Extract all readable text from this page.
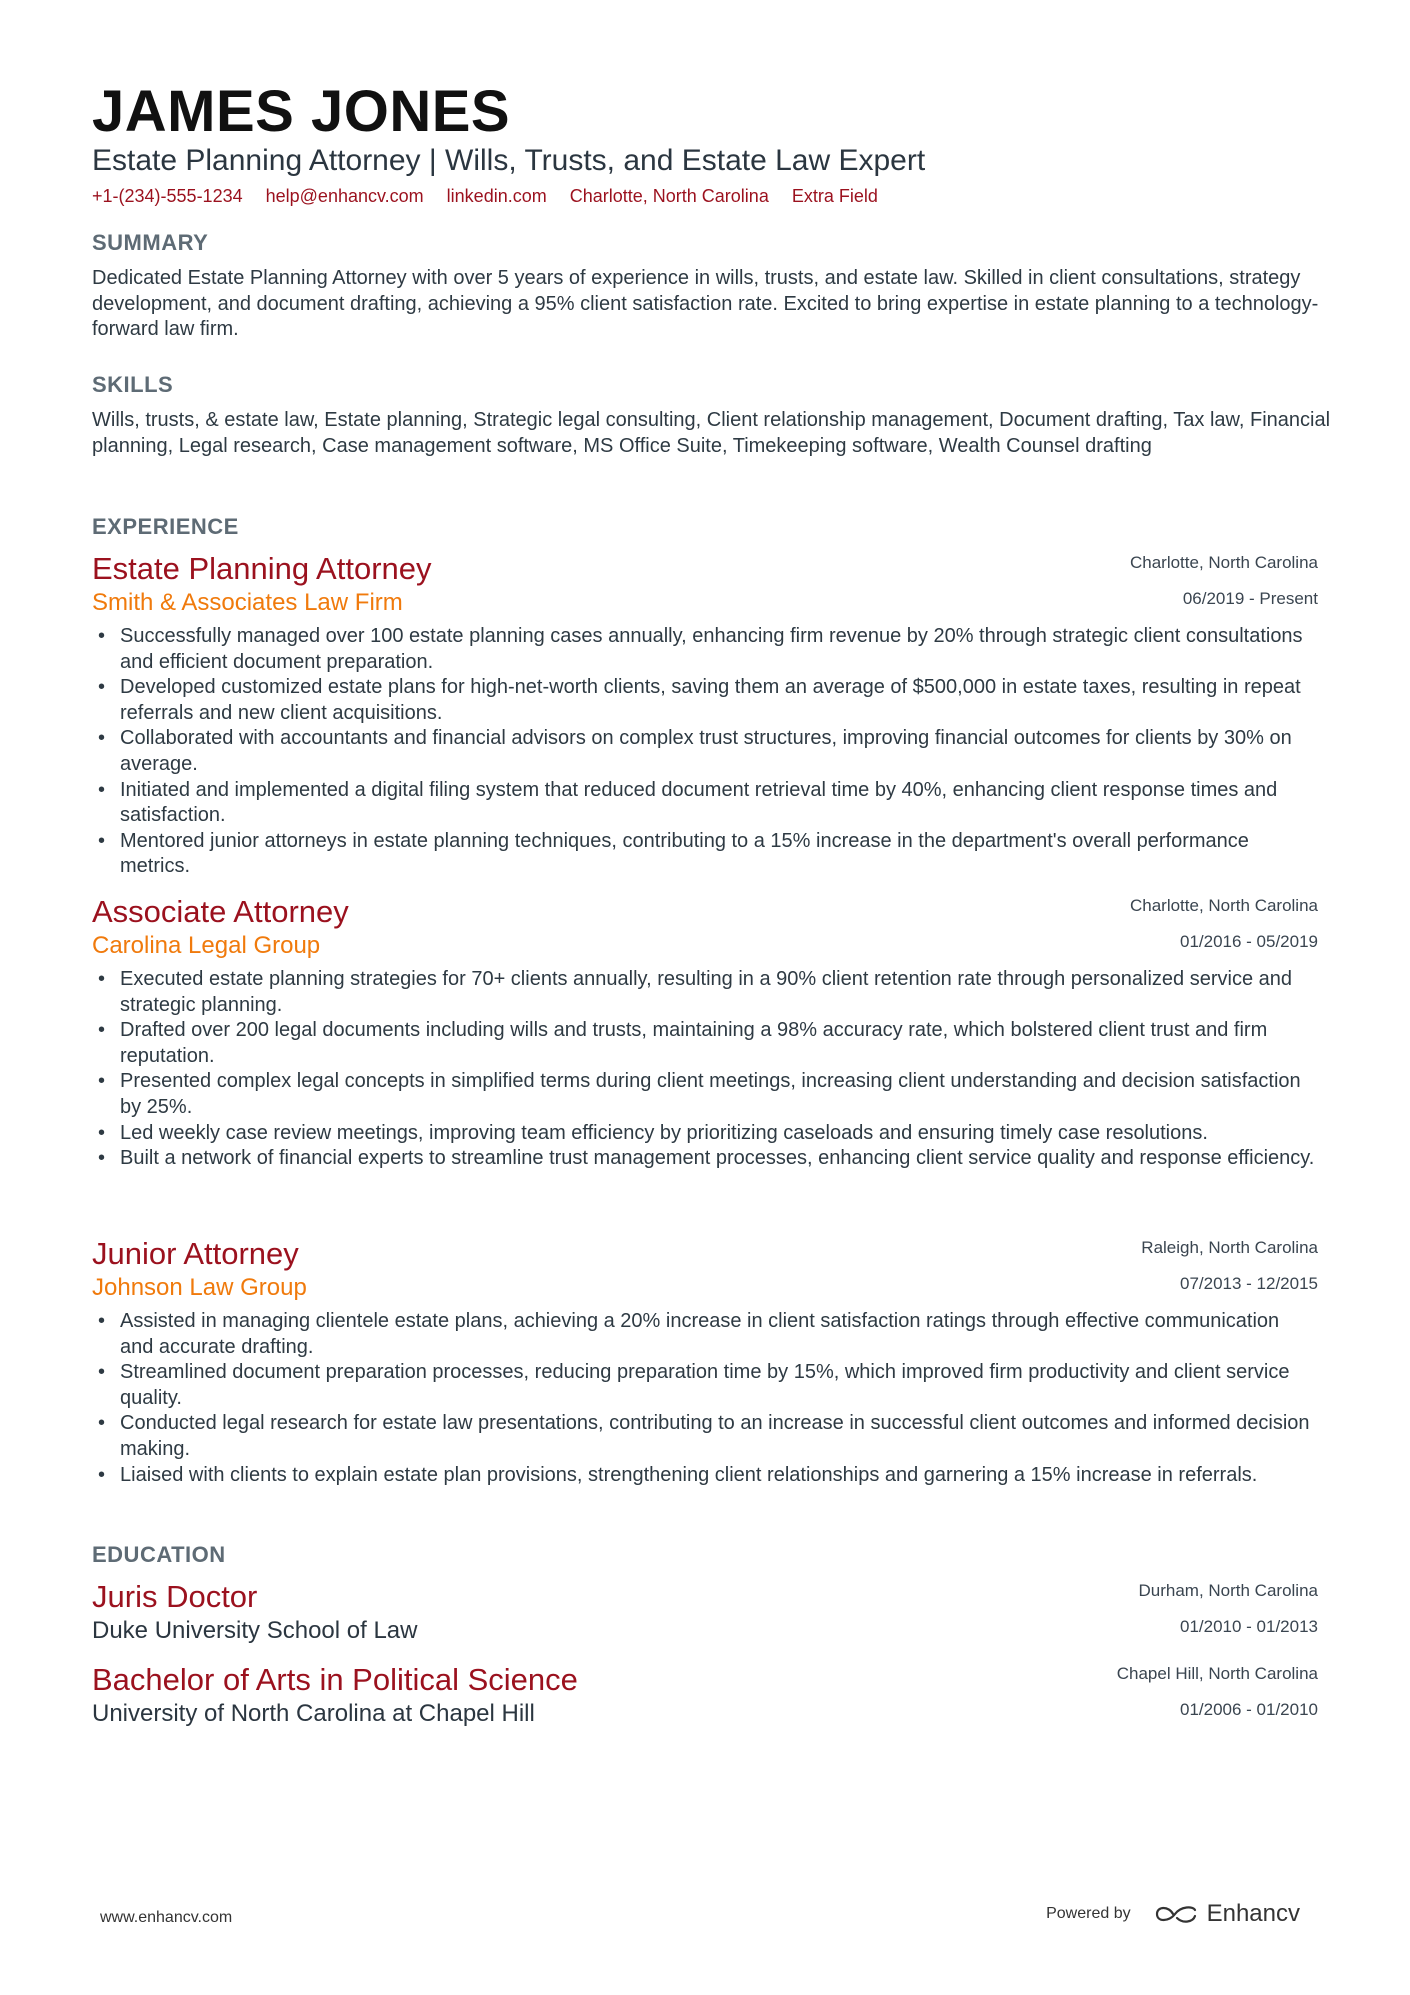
JAMES JONES
Estate Planning Attorney | Wills, Trusts, and Estate Law Expert
+1-(234)-555-1234 help@enhancv.com linkedin.com Charlotte, North Carolina Extra Field
SUMMARY
Dedicated Estate Planning Attorney with over 5 years of experience in wills, trusts, and estate law. Skilled in client consultations, strategy development, and document drafting, achieving a 95% client satisfaction rate. Excited to bring expertise in estate planning to a technology-forward law firm.
SKILLS
Wills, trusts, & estate law, Estate planning, Strategic legal consulting, Client relationship management, Document drafting, Tax law, Financial planning, Legal research, Case management software, MS Office Suite, Timekeeping software, Wealth Counsel drafting
EXPERIENCE
Estate Planning Attorney	Charlotte, North Carolina
Smith & Associates Law Firm	06/2019 - Present
• Successfully managed over 100 estate planning cases annually, enhancing firm revenue by 20% through strategic client consultations and efficient document preparation.
• Developed customized estate plans for high-net-worth clients, saving them an average of $500,000 in estate taxes, resulting in repeat referrals and new client acquisitions.
• Collaborated with accountants and financial advisors on complex trust structures, improving financial outcomes for clients by 30% on average.
• Initiated and implemented a digital filing system that reduced document retrieval time by 40%, enhancing client response times and satisfaction.
• Mentored junior attorneys in estate planning techniques, contributing to a 15% increase in the department's overall performance metrics.
Associate Attorney	Charlotte, North Carolina
Carolina Legal Group	01/2016 - 05/2019
• Executed estate planning strategies for 70+ clients annually, resulting in a 90% client retention rate through personalized service and strategic planning.
• Drafted over 200 legal documents including wills and trusts, maintaining a 98% accuracy rate, which bolstered client trust and firm reputation.
• Presented complex legal concepts in simplified terms during client meetings, increasing client understanding and decision satisfaction by 25%.
• Led weekly case review meetings, improving team efficiency by prioritizing caseloads and ensuring timely case resolutions.
• Built a network of financial experts to streamline trust management processes, enhancing client service quality and response efficiency.
Junior Attorney	Raleigh, North Carolina
Johnson Law Group	07/2013 - 12/2015
• Assisted in managing clientele estate plans, achieving a 20% increase in client satisfaction ratings through effective communication and accurate drafting.
• Streamlined document preparation processes, reducing preparation time by 15%, which improved firm productivity and client service quality.
• Conducted legal research for estate law presentations, contributing to an increase in successful client outcomes and informed decision making.
• Liaised with clients to explain estate plan provisions, strengthening client relationships and garnering a 15% increase in referrals.
EDUCATION
Juris Doctor	Durham, North Carolina
Duke University School of Law	01/2010 - 01/2013
Bachelor of Arts in Political Science	Chapel Hill, North Carolina
University of North Carolina at Chapel Hill	01/2006 - 01/2010
www.enhancv.com	Powered by	Enhancv
